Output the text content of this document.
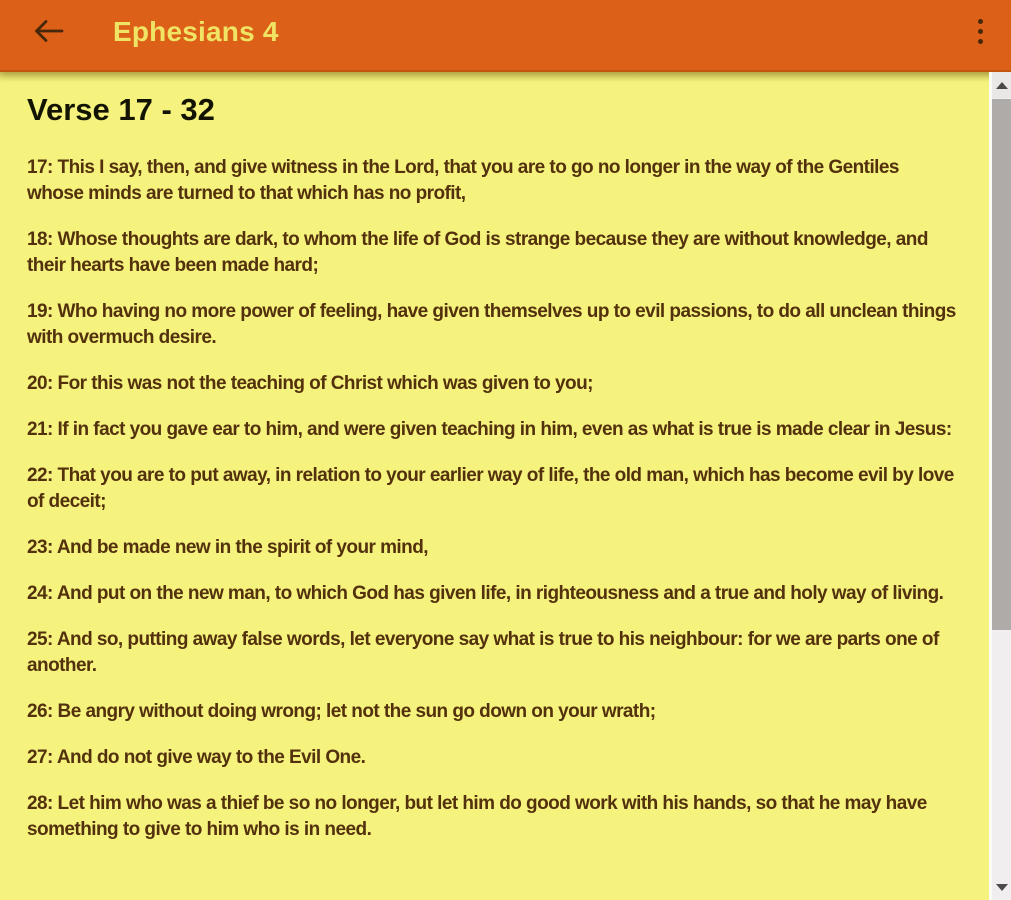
Ephesians 4
Verse 17 - 32

17: This I say, then, and give witness in the Lord, that you are to go no longer in the way of the Gentiles whose minds are turned to that which has no profit,

18: Whose thoughts are dark, to whom the life of God is strange because they are without knowledge, and their hearts have been made hard;

19: Who having no more power of feeling, have given themselves up to evil passions, to do all unclean things with overmuch desire.

20: For this was not the teaching of Christ which was given to you;

21: If in fact you gave ear to him, and were given teaching in him, even as what is true is made clear in Jesus:

22: That you are to put away, in relation to your earlier way of life, the old man, which has become evil by love of deceit;

23: And be made new in the spirit of your mind,

24: And put on the new man, to which God has given life, in righteousness and a true and holy way of living.

25: And so, putting away false words, let everyone say what is true to his neighbour: for we are parts one of another.

26: Be angry without doing wrong; let not the sun go down on your wrath;

27: And do not give way to the Evil One.

28: Let him who was a thief be so no longer, but let him do good work with his hands, so that he may have something to give to him who is in need.
